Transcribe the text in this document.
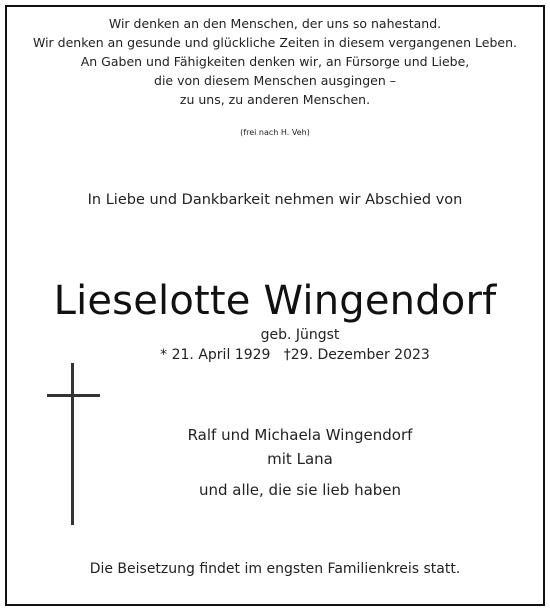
Wir denken an den Menschen, der uns so nahestand.
Wir denken an gesunde und glückliche Zeiten in diesem vergangenen Leben.
An Gaben und Fähigkeiten denken wir, an Fürsorge und Liebe,
die von diesem Menschen ausgingen –
zu uns, zu anderen Menschen.
(frei nach H. Veh)
In Liebe und Dankbarkeit nehmen wir Abschied von
Lieselotte Wingendorf
geb. Jüngst
* 21. April 1929   †29. Dezember 2023
Ralf und Michaela Wingendorf
mit Lana
und alle, die sie lieb haben
Die Beisetzung findet im engsten Familienkreis statt.
